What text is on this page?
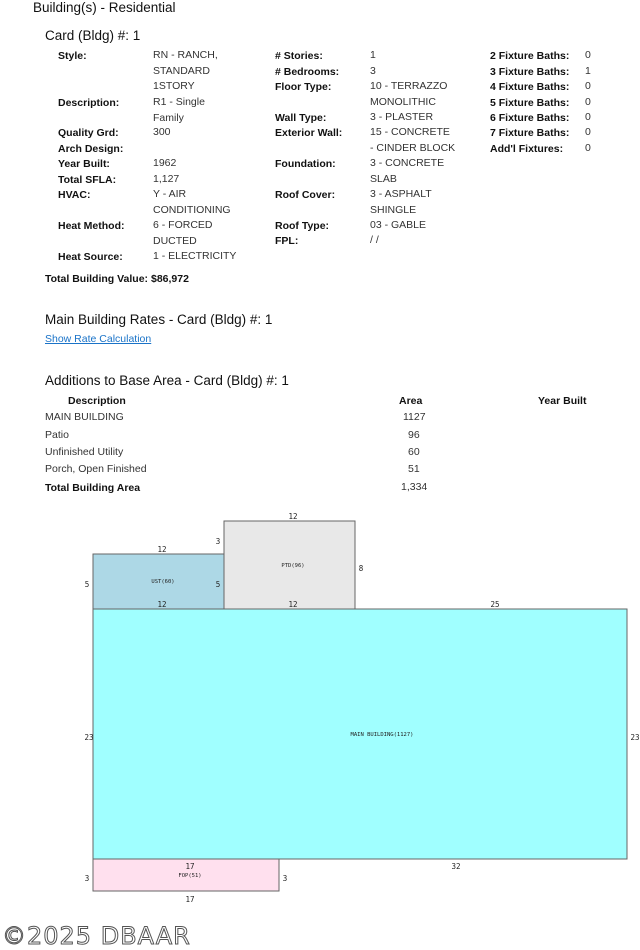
Building(s) - Residential
Card (Bldg) #: 1
Style:	RN - RANCH,
STANDARD
1STORY
Description:	R1 - Single
Family
Quality Grd:	300
Arch Design:
Year Built:	1962
Total SFLA:	1,127
HVAC:	Y - AIR
CONDITIONING
Heat Method:	6 - FORCED
DUCTED
Heat Source:	1 - ELECTRICITY
# Stories:	1
# Bedrooms:	3
Floor Type:	10 - TERRAZZO
MONOLITHIC
Wall Type:	3 - PLASTER
Exterior Wall:	15 - CONCRETE
- CINDER BLOCK
Foundation:	3 - CONCRETE
SLAB
Roof Cover:	3 - ASPHALT
SHINGLE
Roof Type:	03 - GABLE
FPL:	/ /
2 Fixture Baths: 0
3 Fixture Baths: 1
4 Fixture Baths: 0
5 Fixture Baths: 0
6 Fixture Baths: 0
7 Fixture Baths: 0
Add'l Fixtures: 0
Total Building Value: $86,972
Main Building Rates - Card (Bldg) #: 1
Show Rate Calculation
Additions to Base Area - Card (Bldg) #: 1
Description	Area	Year Built
MAIN BUILDING	1127
Patio	96
Unfinished Utility	60
Porch, Open Finished	51
Total Building Area	1,334
UST(60)
12
5	5
12
PTD(96)
12
3
8
12
MAIN BUILDING(1127)
25
23	23
32
FOP(51)
17
3	3
17
©2025 DBAAR
